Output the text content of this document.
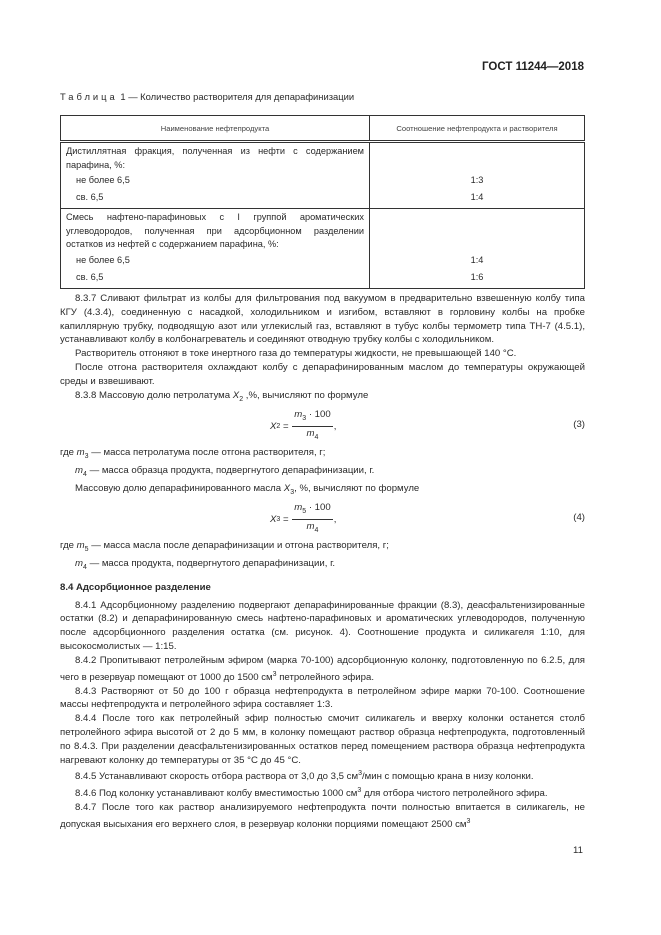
ГОСТ 11244—2018
Таблица 1 — Количество растворителя для депарафинизации
Наименование нефтепродукта	Соотношение нефтепродукта и растворителя
Дистиллятная фракция, полученная из нефти с содержанием парафина, %:	
не более 6,5	1:3
св. 6,5	1:4
Смесь нафтено-парафиновых с I группой ароматических углеводородов, полученная при адсорбционном разделении остатков из нефтей с содержанием парафина, %:	
не более 6,5	1:4
св. 6,5	1:6

8.3.7 Сливают фильтрат из колбы для фильтрования под вакуумом в предварительно взвешенную колбу типа КГУ (4.3.4), соединенную с насадкой, холодильником и изгибом, вставляют в горловину колбы на пробке капиллярную трубку, подводящую азот или углекислый газ, вставляют в тубус колбы термометр типа ТН-7 (4.5.1), устанавливают колбу в колбонагреватель и соединяют отводную трубку колбы с холодильником.

Растворитель отгоняют в токе инертного газа до температуры жидкости, не превышающей 140 °С.

После отгона растворителя охлаждают колбу с депарафинированным маслом до температуры окружающей среды и взвешивают.

8.3.8 Массовую долю петролатума $X_2$ ,%, вычисляют по формуле

X $2 = \frac{m_3 \cdot 100}{m_4}$ ,	(3)

где $m_3$ — масса петролатума после отгона растворителя, г;

$m_4$ — масса образца продукта, подвергнутого депарафинизации, г.

Массовую долю депарафинированного масла $X_3$, %, вычисляют по формуле

X $3 = \frac{m_5 \cdot 100}{m_4}$ ,	(4)

где $m_5$ — масса масла после депарафинизации и отгона растворителя, г;

$m_4$ — масса продукта, подвергнутого депарафинизации, г.

8.4 Адсорбционное разделение

8.4.1 Адсорбционному разделению подвергают депарафинированные фракции (8.3), деасфальтенизированные остатки (8.2) и депарафинированную смесь нафтено-парафиновых и ароматических углеводородов, полученную после адсорбционного разделения остатка (см. рисунок. 4). Соотношение продукта и силикагеля 1:10, для высокосмолистых — 1:15.

8.4.2 Пропитывают петролейным эфиром (марка 70-100) адсорбционную колонку, подготовленную по 6.2.5, для чего в резервуар помещают от 1000 до 1500 $см^3$ петролейного эфира.

8.4.3 Растворяют от 50 до 100 г образца нефтепродукта в петролейном эфире марки 70-100. Соотношение массы нефтепродукта и петролейного эфира составляет 1:3.

8.4.4 После того как петролейный эфир полностью смочит силикагель и вверху колонки останется столб петролейного эфира высотой от 2 до 5 мм, в колонку помещают раствор образца нефтепродукта, подготовленный по 8.4.3. При разделении деасфальтенизированных остатков перед помещением раствора образца нефтепродукта нагревают колонку до температуры от 35 °С до 45 °С.

8.4.5 Устанавливают скорость отбора раствора от 3,0 до 3,5 $см^3$/мин с помощью крана в низу колонки.

8.4.6 Под колонку устанавливают колбу вместимостью 1000 $см^3$ для отбора чистого петролейного эфира.

8.4.7 После того как раствор анализируемого нефтепродукта почти полностью впитается в силикагель, не допуская высыхания его верхнего слоя, в резервуар колонки порциями помещают 2500 $см^3$

11
